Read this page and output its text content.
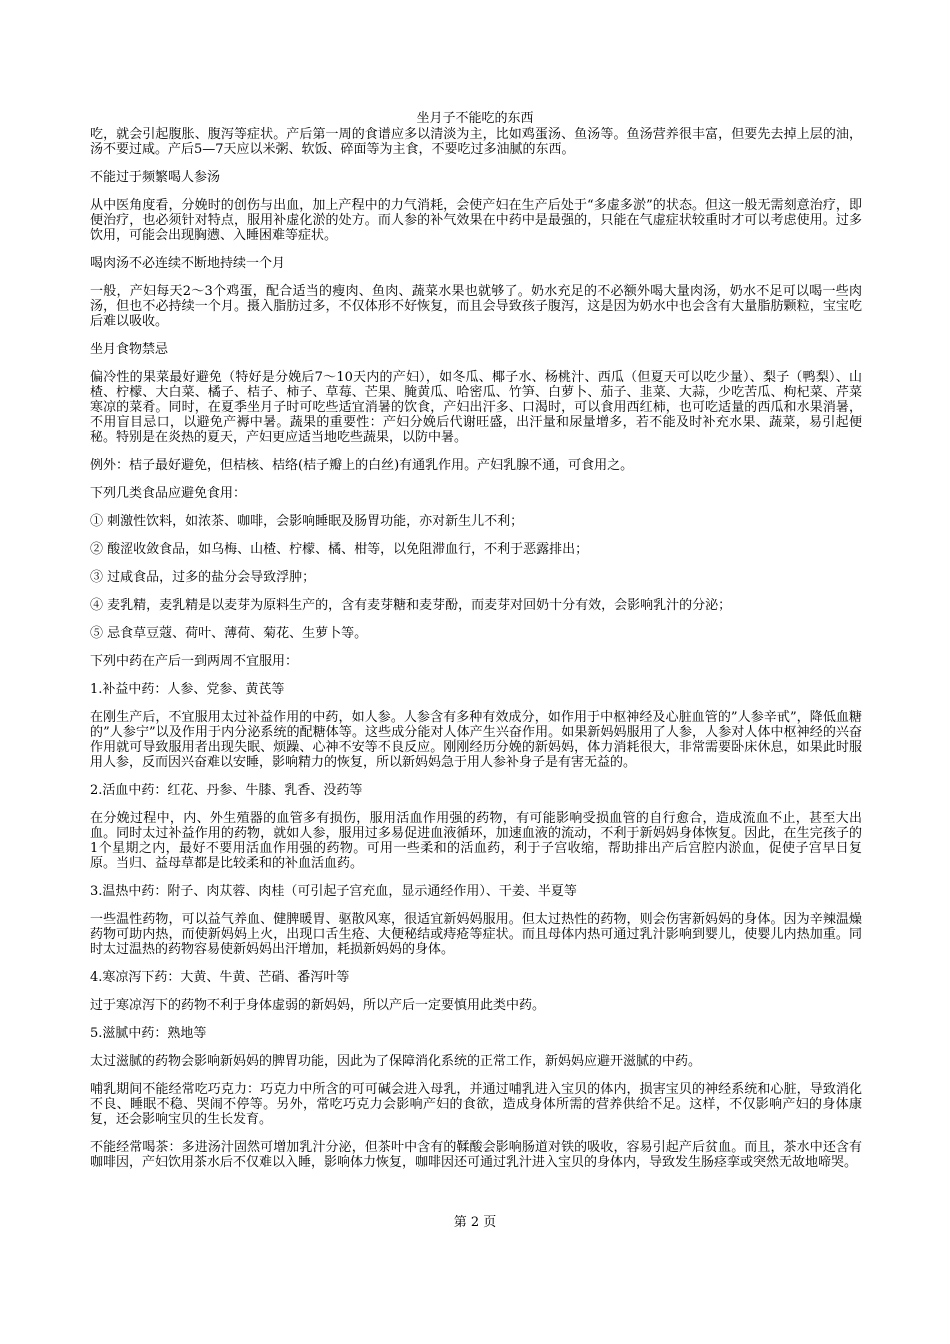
坐月子不能吃的东西

吃，就会引起腹胀、腹泻等症状。产后第一周的食谱应多以清淡为主，比如鸡蛋汤、鱼汤等。鱼汤营养很丰富，但要先去掉上层的油，汤不要过咸。产后5—7天应以米粥、软饭、碎面等为主食，不要吃过多油腻的东西。

不能过于频繁喝人参汤

从中医角度看，分娩时的创伤与出血，加上产程中的力气消耗，会使产妇在生产后处于“多虚多淤”的状态。但这一般无需刻意治疗，即便治疗，也必须针对特点，服用补虚化淤的处方。而人参的补气效果在中药中是最强的，只能在气虚症状较重时才可以考虑使用。过多饮用，可能会出现胸懑、入睡困难等症状。

喝肉汤不必连续不断地持续一个月

一般，产妇每天2～3个鸡蛋，配合适当的瘦肉、鱼肉、蔬菜水果也就够了。奶水充足的不必额外喝大量肉汤，奶水不足可以喝一些肉汤，但也不必持续一个月。摄入脂肪过多，不仅体形不好恢复，而且会导致孩子腹泻，这是因为奶水中也会含有大量脂肪颗粒，宝宝吃后难以吸收。

坐月食物禁忌

偏冷性的果菜最好避免（特好是分娩后7～10天内的产妇），如冬瓜、椰子水、杨桃汁、西瓜（但夏天可以吃少量）、梨子（鸭梨）、山楂、柠檬、大白菜、橘子、桔子、柿子、草莓、芒果、腌黄瓜、哈密瓜、竹笋、白萝卜、茄子、韭菜、大蒜，少吃苦瓜、枸杞菜、芹菜寒凉的菜肴。同时，在夏季坐月子时可吃些适宜消暑的饮食，产妇出汗多、口渴时，可以食用西红柿，也可吃适量的西瓜和水果消暑，不用盲目忌口，以避免产褥中暑。蔬果的重要性：产妇分娩后代谢旺盛，出汗量和尿量增多，若不能及时补充水果、蔬菜，易引起便秘。特别是在炎热的夏天，产妇更应适当地吃些蔬果，以防中暑。

例外：桔子最好避免，但桔核、桔络(桔子瓣上的白丝)有通乳作用。产妇乳腺不通，可食用之。

下列几类食品应避免食用：

① 刺激性饮料，如浓茶、咖啡，会影响睡眠及肠胃功能，亦对新生儿不利；

② 酸涩收敛食品，如乌梅、山楂、柠檬、橘、柑等，以免阻滞血行，不利于恶露排出；

③ 过咸食品，过多的盐分会导致浮肿；

④ 麦乳精，麦乳精是以麦芽为原料生产的，含有麦芽糖和麦芽酚，而麦芽对回奶十分有效，会影响乳汁的分泌；

⑤ 忌食草豆蔻、荷叶、薄荷、菊花、生萝卜等。

下列中药在产后一到两周不宜服用：

1.补益中药：人参、党参、黄芪等

在刚生产后，不宜服用太过补益作用的中药，如人参。人参含有多种有效成分，如作用于中枢神经及心脏血管的”人参辛甙”，降低血糖的”人参宁”以及作用于内分泌系统的配糖体等。这些成分能对人体产生兴奋作用。如果新妈妈服用了人参，人参对人体中枢神经的兴奋作用就可导致服用者出现失眠、烦躁、心神不安等不良反应。刚刚经历分娩的新妈妈，体力消耗很大，非常需要卧床休息，如果此时服用人参，反而因兴奋难以安睡，影响精力的恢复，所以新妈妈急于用人参补身子是有害无益的。

2.活血中药：红花、丹参、牛膝、乳香、没药等

在分娩过程中，内、外生殖器的血管多有损伤，服用活血作用强的药物，有可能影响受损血管的自行愈合，造成流血不止，甚至大出血。同时太过补益作用的药物，就如人参，服用过多易促进血液循环，加速血液的流动，不利于新妈妈身体恢复。因此，在生完孩子的1个星期之内，最好不要用活血作用强的药物。可用一些柔和的活血药，利于子宫收缩，帮助排出产后宫腔内淤血，促使子宫早日复原。当归、益母草都是比较柔和的补血活血药。

3.温热中药：附子、肉苁蓉、肉桂（可引起子宫充血，显示通经作用）、干姜、半夏等

一些温性药物，可以益气养血、健脾暖胃、驱散风寒，很适宜新妈妈服用。但太过热性的药物，则会伤害新妈妈的身体。因为辛辣温燥药物可助内热，而使新妈妈上火，出现口舌生疮、大便秘结或痔疮等症状。而且母体内热可通过乳汁影响到婴儿，使婴儿内热加重。同时太过温热的药物容易使新妈妈出汗增加，耗损新妈妈的身体。

4.寒凉泻下药：大黄、牛黄、芒硝、番泻叶等

过于寒凉泻下的药物不利于身体虚弱的新妈妈，所以产后一定要慎用此类中药。

5.滋腻中药：熟地等

太过滋腻的药物会影响新妈妈的脾胃功能，因此为了保障消化系统的正常工作，新妈妈应避开滋腻的中药。

哺乳期间不能经常吃巧克力：巧克力中所含的可可碱会进入母乳，并通过哺乳进入宝贝的体内，损害宝贝的神经系统和心脏，导致消化不良、睡眠不稳、哭闹不停等。另外，常吃巧克力会影响产妇的食欲，造成身体所需的营养供给不足。这样，不仅影响产妇的身体康复，还会影响宝贝的生长发育。

不能经常喝茶：多进汤汁固然可增加乳汁分泌，但茶叶中含有的鞣酸会影响肠道对铁的吸收，容易引起产后贫血。而且，茶水中还含有咖啡因，产妇饮用茶水后不仅难以入睡，影响体力恢复，咖啡因还可通过乳汁进入宝贝的身体内，导致发生肠痉挛或突然无故地啼哭。

第 2 页
